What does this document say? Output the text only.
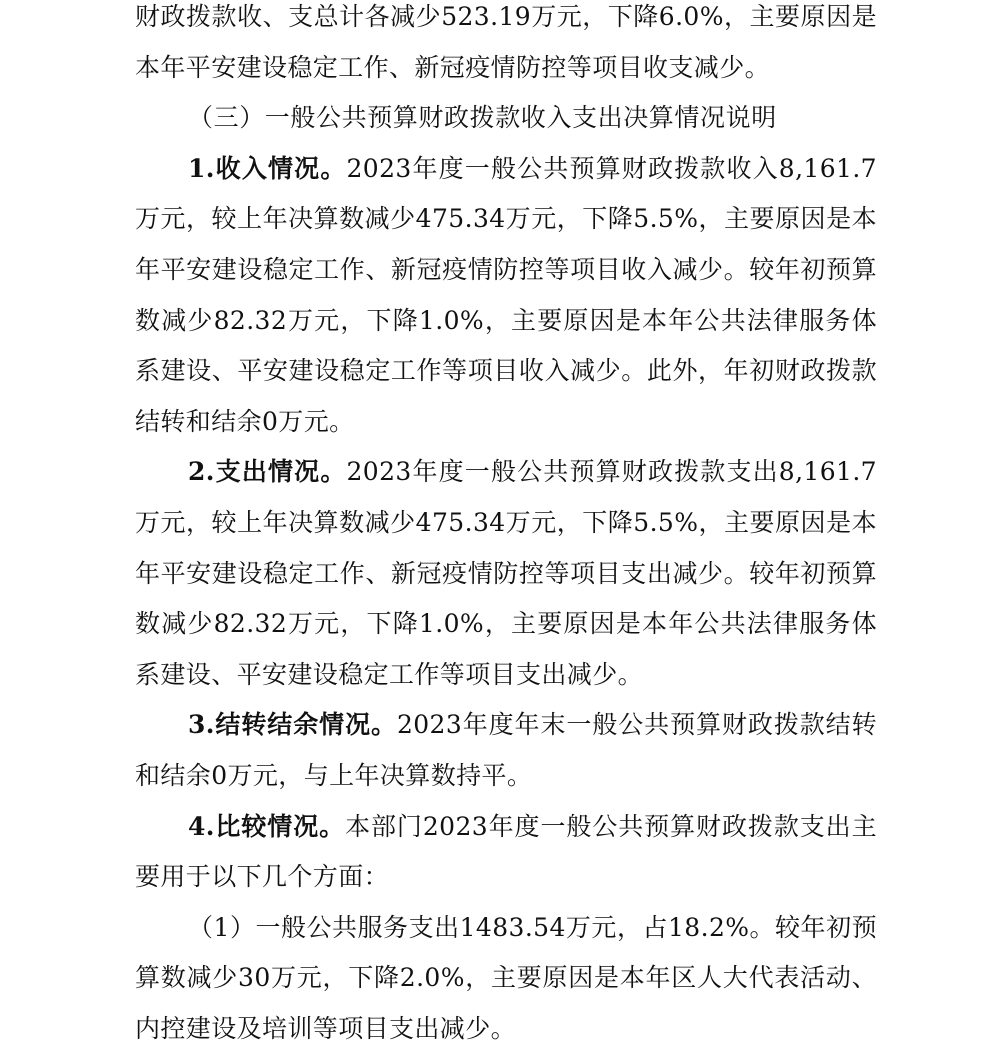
财政拨款收、支总计各减少523.19万元，下降6.0%，主要原因是本年平安建设稳定工作、新冠疫情防控等项目收支减少。

（三）一般公共预算财政拨款收入支出决算情况说明

1.收入情况。2023年度一般公共预算财政拨款收入8,161.7万元，较上年决算数减少475.34万元，下降5.5%，主要原因是本年平安建设稳定工作、新冠疫情防控等项目收入减少。较年初预算数减少82.32万元，下降1.0%，主要原因是本年公共法律服务体系建设、平安建设稳定工作等项目收入减少。此外，年初财政拨款结转和结余0万元。

2.支出情况。2023年度一般公共预算财政拨款支出8,161.7万元，较上年决算数减少475.34万元，下降5.5%，主要原因是本年平安建设稳定工作、新冠疫情防控等项目支出减少。较年初预算数减少82.32万元，下降1.0%，主要原因是本年公共法律服务体系建设、平安建设稳定工作等项目支出减少。

3.结转结余情况。2023年度年末一般公共预算财政拨款结转和结余0万元，与上年决算数持平。

4.比较情况。本部门2023年度一般公共预算财政拨款支出主要用于以下几个方面：

（1）一般公共服务支出1483.54万元，占18.2%。较年初预算数减少30万元，下降2.0%，主要原因是本年区人大代表活动、内控建设及培训等项目支出减少。
